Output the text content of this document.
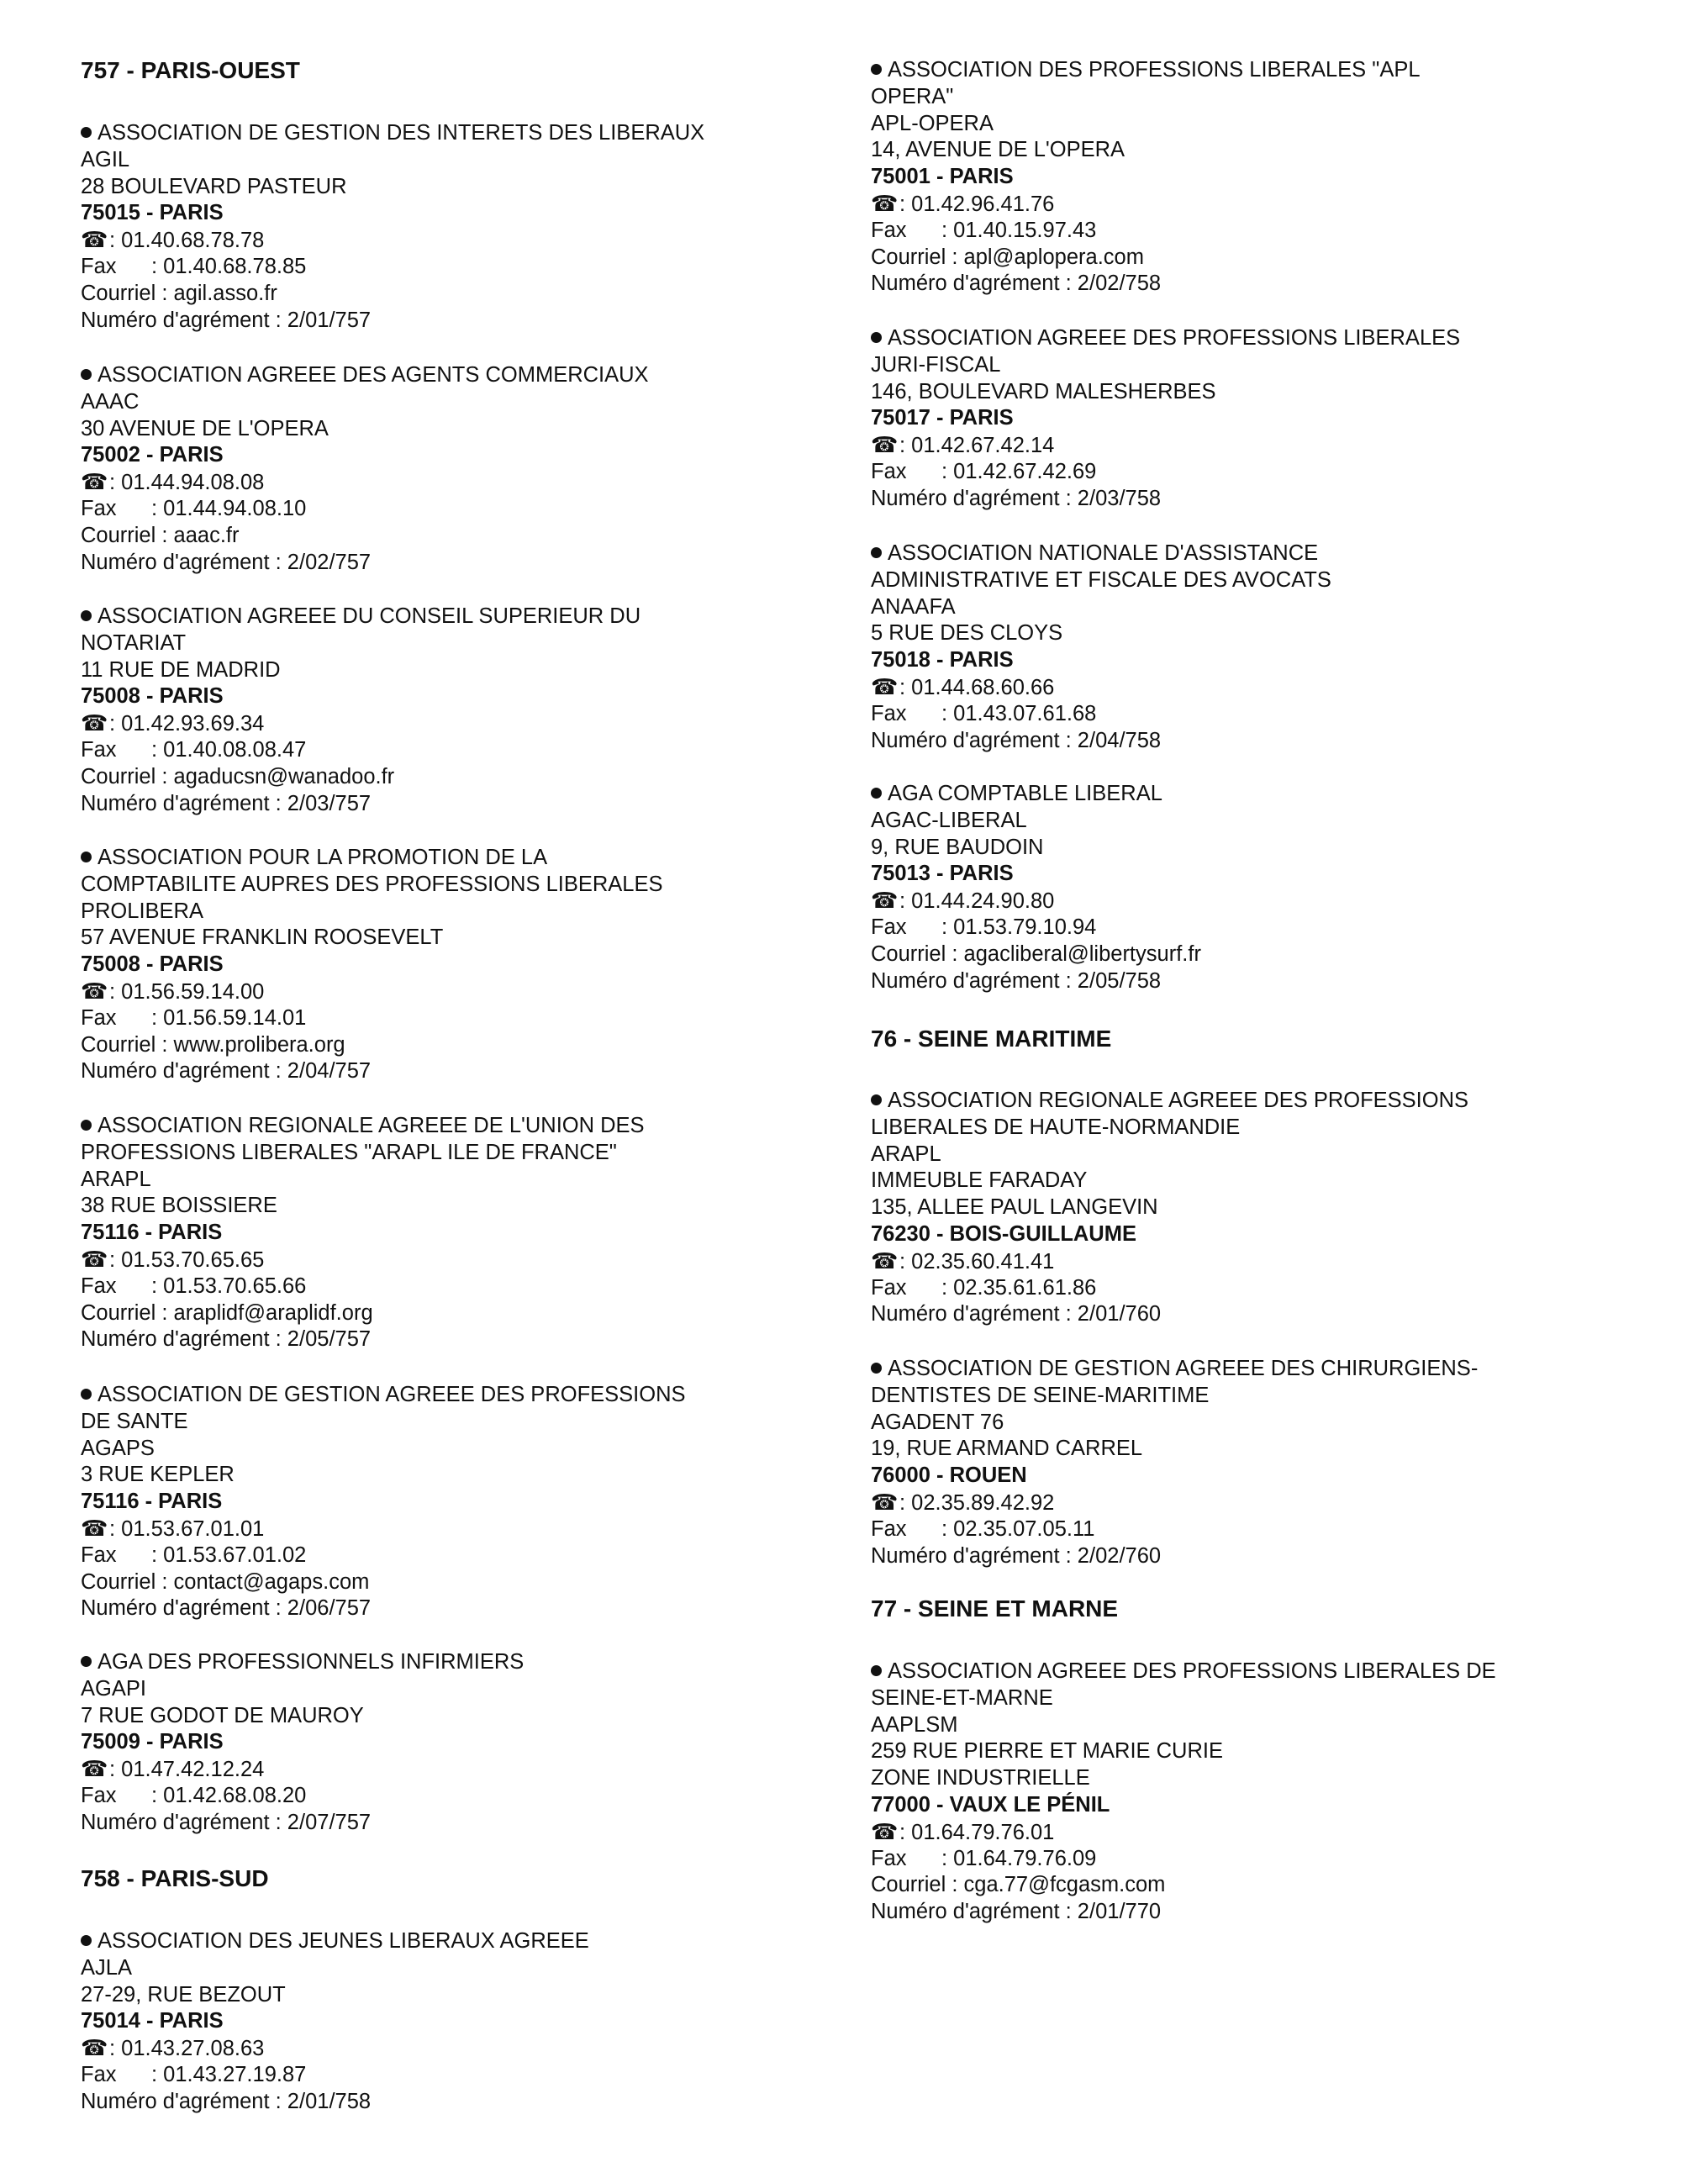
757 - PARIS-OUEST
ASSOCIATION DE GESTION DES INTERETS DES LIBERAUX
AGIL
28 BOULEVARD PASTEUR
75015 - PARIS
☎: 01.40.68.78.78
Fax : 01.40.68.78.85
Courriel : agil.asso.fr
Numéro d'agrément : 2/01/757
ASSOCIATION AGREEE DES AGENTS COMMERCIAUX
AAAC
30 AVENUE DE L'OPERA
75002 - PARIS
☎: 01.44.94.08.08
Fax : 01.44.94.08.10
Courriel : aaac.fr
Numéro d'agrément : 2/02/757
ASSOCIATION AGREEE DU CONSEIL SUPERIEUR DU
NOTARIAT
11 RUE DE MADRID
75008 - PARIS
☎: 01.42.93.69.34
Fax : 01.40.08.08.47
Courriel : agaducsn@wanadoo.fr
Numéro d'agrément : 2/03/757
ASSOCIATION POUR LA PROMOTION DE LA
COMPTABILITE AUPRES DES PROFESSIONS LIBERALES
PROLIBERA
57 AVENUE FRANKLIN ROOSEVELT
75008 - PARIS
☎: 01.56.59.14.00
Fax : 01.56.59.14.01
Courriel : www.prolibera.org
Numéro d'agrément : 2/04/757
ASSOCIATION REGIONALE AGREEE DE L'UNION DES
PROFESSIONS LIBERALES "ARAPL ILE DE FRANCE"
ARAPL
38 RUE BOISSIERE
75116 - PARIS
☎: 01.53.70.65.65
Fax : 01.53.70.65.66
Courriel : araplidf@araplidf.org
Numéro d'agrément : 2/05/757
ASSOCIATION DE GESTION AGREEE DES PROFESSIONS
DE SANTE
AGAPS
3 RUE KEPLER
75116 - PARIS
☎: 01.53.67.01.01
Fax : 01.53.67.01.02
Courriel : contact@agaps.com
Numéro d'agrément : 2/06/757
AGA DES PROFESSIONNELS INFIRMIERS
AGAPI
7 RUE GODOT DE MAUROY
75009 - PARIS
☎: 01.47.42.12.24
Fax : 01.42.68.08.20
Numéro d'agrément : 2/07/757
758 - PARIS-SUD
ASSOCIATION DES JEUNES LIBERAUX AGREEE
AJLA
27-29, RUE BEZOUT
75014 - PARIS
☎: 01.43.27.08.63
Fax : 01.43.27.19.87
Numéro d'agrément : 2/01/758
ASSOCIATION DES PROFESSIONS LIBERALES "APL
OPERA"
APL-OPERA
14, AVENUE DE L'OPERA
75001 - PARIS
☎: 01.42.96.41.76
Fax : 01.40.15.97.43
Courriel : apl@aplopera.com
Numéro d'agrément : 2/02/758
ASSOCIATION AGREEE DES PROFESSIONS LIBERALES
JURI-FISCAL
146, BOULEVARD MALESHERBES
75017 - PARIS
☎: 01.42.67.42.14
Fax : 01.42.67.42.69
Numéro d'agrément : 2/03/758
ASSOCIATION NATIONALE D'ASSISTANCE
ADMINISTRATIVE ET FISCALE DES AVOCATS
ANAAFA
5 RUE DES CLOYS
75018 - PARIS
☎: 01.44.68.60.66
Fax : 01.43.07.61.68
Numéro d'agrément : 2/04/758
AGA COMPTABLE LIBERAL
AGAC-LIBERAL
9, RUE BAUDOIN
75013 - PARIS
☎: 01.44.24.90.80
Fax : 01.53.79.10.94
Courriel : agacliberal@libertysurf.fr
Numéro d'agrément : 2/05/758
76 - SEINE MARITIME
ASSOCIATION REGIONALE AGREEE DES PROFESSIONS
LIBERALES DE HAUTE-NORMANDIE
ARAPL
IMMEUBLE FARADAY
135, ALLEE PAUL LANGEVIN
76230 - BOIS-GUILLAUME
☎: 02.35.60.41.41
Fax : 02.35.61.61.86
Numéro d'agrément : 2/01/760
ASSOCIATION DE GESTION AGREEE DES CHIRURGIENS-
DENTISTES DE SEINE-MARITIME
AGADENT 76
19, RUE ARMAND CARREL
76000 - ROUEN
☎: 02.35.89.42.92
Fax : 02.35.07.05.11
Numéro d'agrément : 2/02/760
77 - SEINE ET MARNE
ASSOCIATION AGREEE DES PROFESSIONS LIBERALES DE
SEINE-ET-MARNE
AAPLSM
259 RUE PIERRE ET MARIE CURIE
ZONE INDUSTRIELLE
77000 - VAUX LE PÉNIL
☎: 01.64.79.76.01
Fax : 01.64.79.76.09
Courriel : cga.77@fcgasm.com
Numéro d'agrément : 2/01/770
